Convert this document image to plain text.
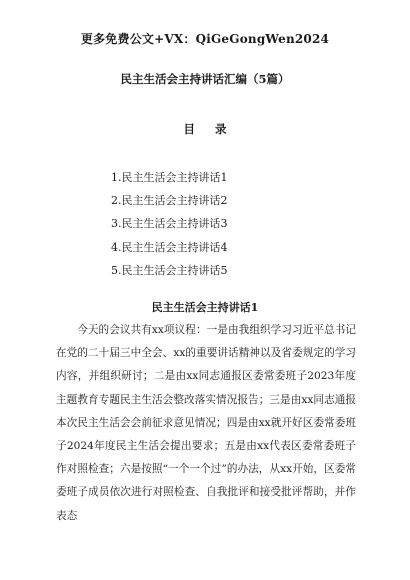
更多免费公文+VX：QiGeGongWen2024
民主生活会主持讲话汇编（5篇）
目 录
1.民主生活会主持讲话1
2.民主生活会主持讲话2
3.民主生活会主持讲话3
4.民主生活会主持讲话4
5.民主生活会主持讲话5
民主生活会主持讲话1

今天的会议共有xx项议程：一是由我组织学习习近平总书记在党的二十届三中全会、xx的重要讲话精神以及省委规定的学习内容，并组织研讨；二是由xx同志通报区委常委班子2023年度主题教育专题民主生活会整改落实情况报告；三是由xx同志通报本次民主生活会会前征求意见情况；四是由xx就开好区委常委班子2024年度民主生活会提出要求；五是由xx代表区委常委班子作对照检查；六是按照“一个一个过”的办法，从xx开始，区委常委班子成员依次进行对照检查、自我批评和接受批评帮助，并作表态
